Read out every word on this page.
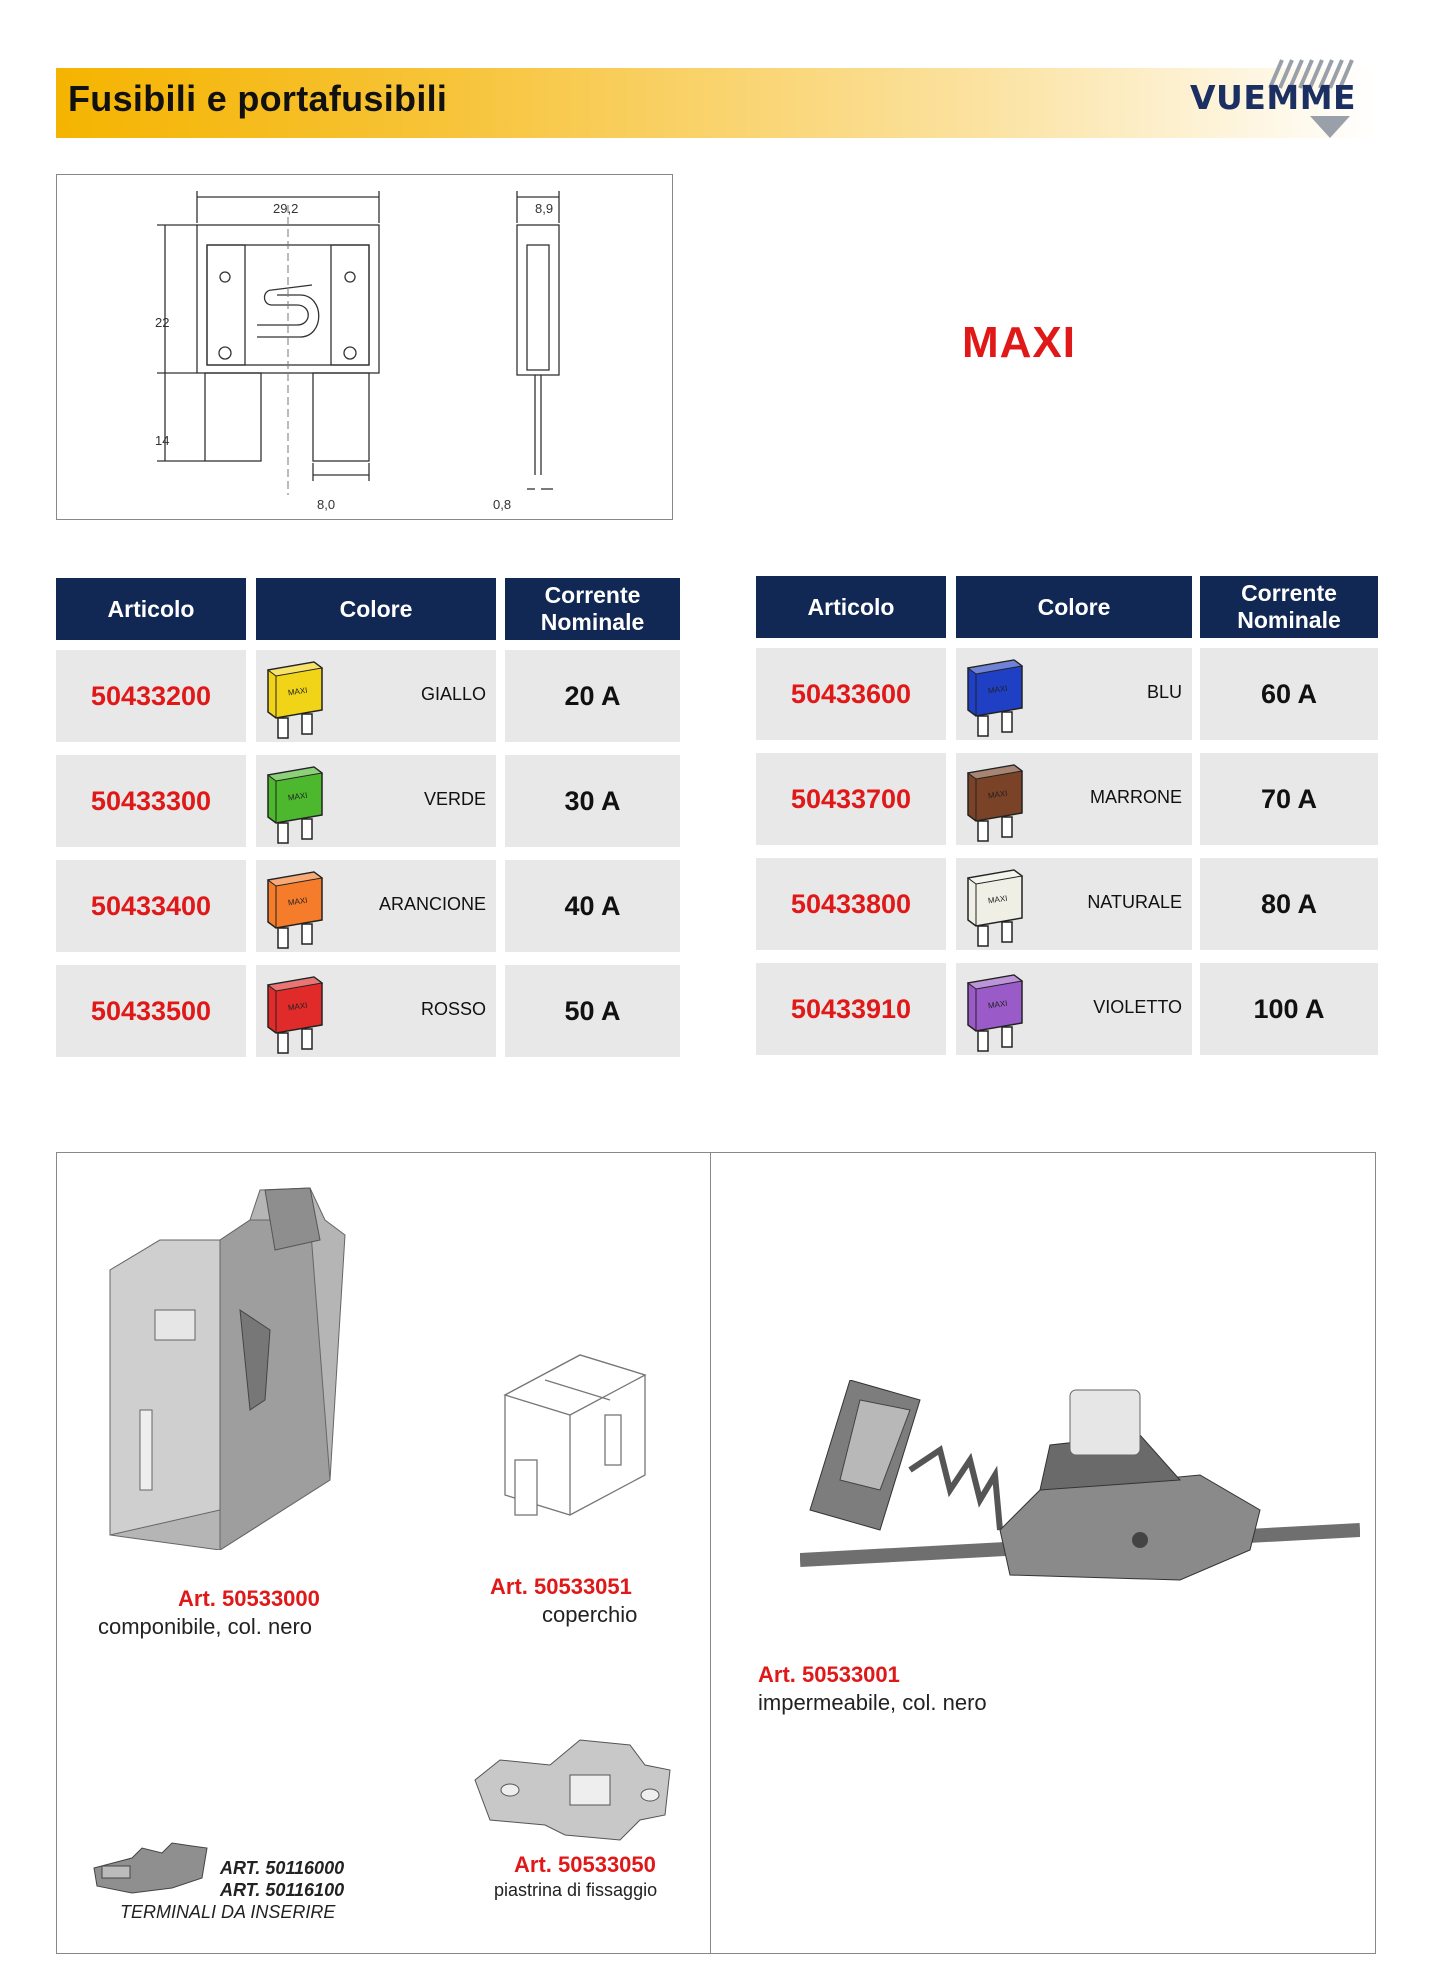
Fusibili e portafusibili	VUEMME
29,2	8,9
22
14
8,0	0,8
MAXI
Articolo	Colore
Corrente
Nominale
50433200	MAXI	GIALLO	20 A
50433300	MAXI	VERDE	30 A
50433400	MAXI	ARANCIONE	40 A
50433500	MAXI	ROSSO	50 A
Articolo	Colore
Corrente
Nominale
50433600	MAXI	BLU	60 A
50433700	MAXI	MARRONE	70 A
50433800	MAXI	NATURALE	80 A
50433910	MAXI	VIOLETTO	100 A
Art. 50533000
componibile, col. nero
Art. 50533051
coperchio
Art. 50533050
piastrina di fissaggio
ART. 50116000
ART. 50116100
TERMINALI DA INSERIRE
Art. 50533001
impermeabile, col. nero
